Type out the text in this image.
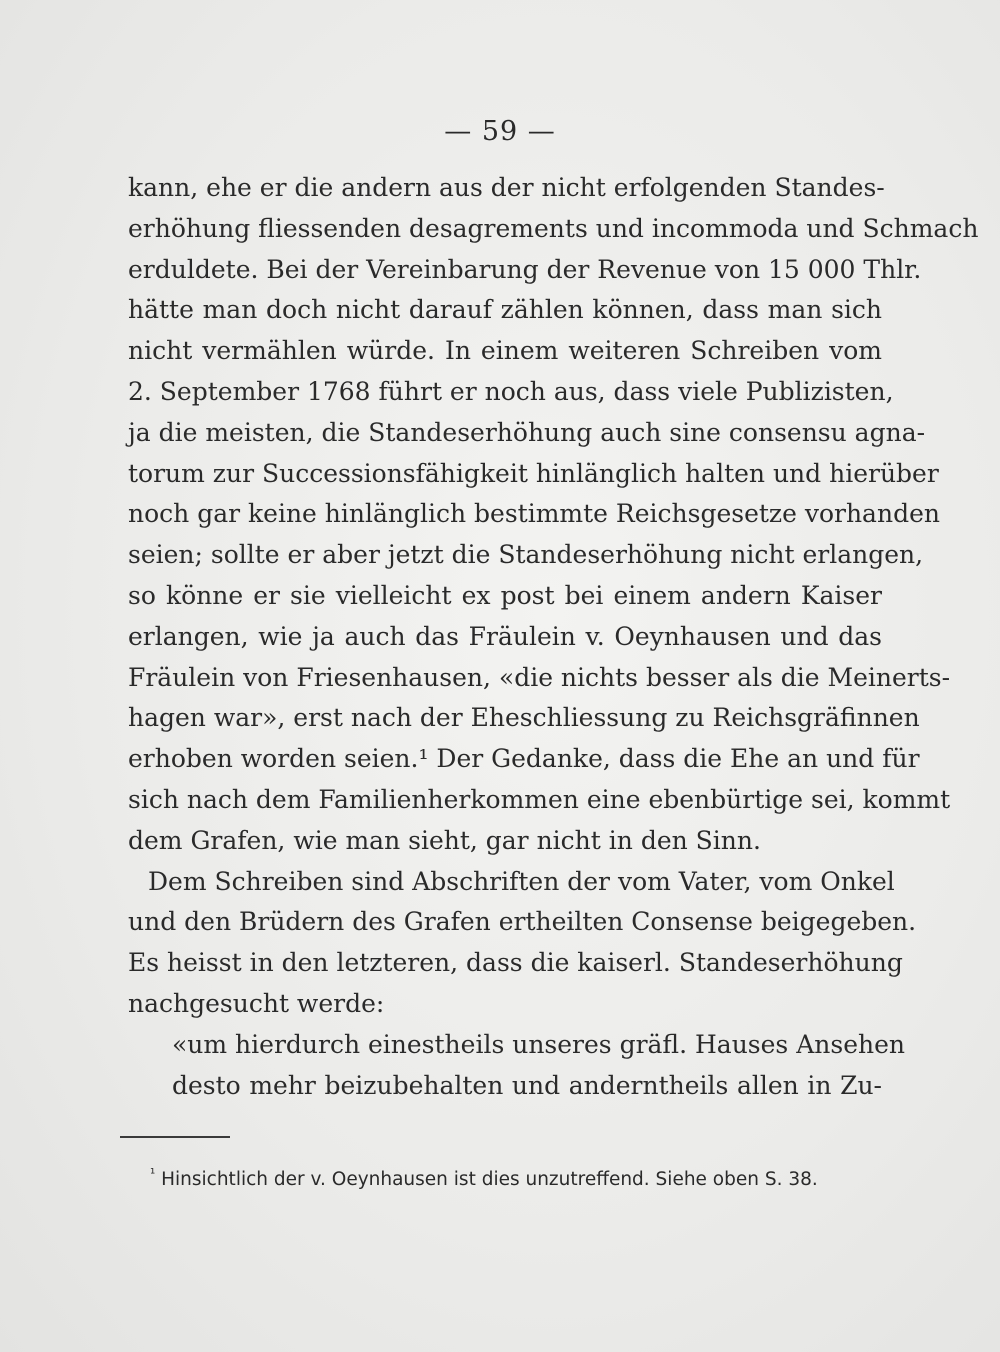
— 59 —
kann, ehe er die andern aus der nicht erfolgenden Standes-
erhöhung fliessenden desagrements und incommoda und Schmach
erduldete. Bei der Vereinbarung der Revenue von 15 000 Thlr.
hätte man doch nicht darauf zählen können, dass man sich
nicht vermählen würde. In einem weiteren Schreiben vom
2. September 1768 führt er noch aus, dass viele Publizisten,
ja die meisten, die Standeserhöhung auch sine consensu agna-
torum zur Successionsfähigkeit hinlänglich halten und hierüber
noch gar keine hinlänglich bestimmte Reichsgesetze vorhanden
seien; sollte er aber jetzt die Standeserhöhung nicht erlangen,
so könne er sie vielleicht ex post bei einem andern Kaiser
erlangen, wie ja auch das Fräulein v. Oeynhausen und das
Fräulein von Friesenhausen, «die nichts besser als die Meinerts-
hagen war», erst nach der Eheschliessung zu Reichsgräfinnen
erhoben worden seien.¹ Der Gedanke, dass die Ehe an und für
sich nach dem Familienherkommen eine ebenbürtige sei, kommt
dem Grafen, wie man sieht, gar nicht in den Sinn.
Dem Schreiben sind Abschriften der vom Vater, vom Onkel
und den Brüdern des Grafen ertheilten Consense beigegeben.
Es heisst in den letzteren, dass die kaiserl. Standeserhöhung
nachgesucht werde:
«um hierdurch einestheils unseres gräfl. Hauses Ansehen
desto mehr beizubehalten und anderntheils allen in Zu-
$^{^1}$ Hinsichtlich der v. Oeynhausen ist dies unzutreffend. Siehe oben S. 38.
